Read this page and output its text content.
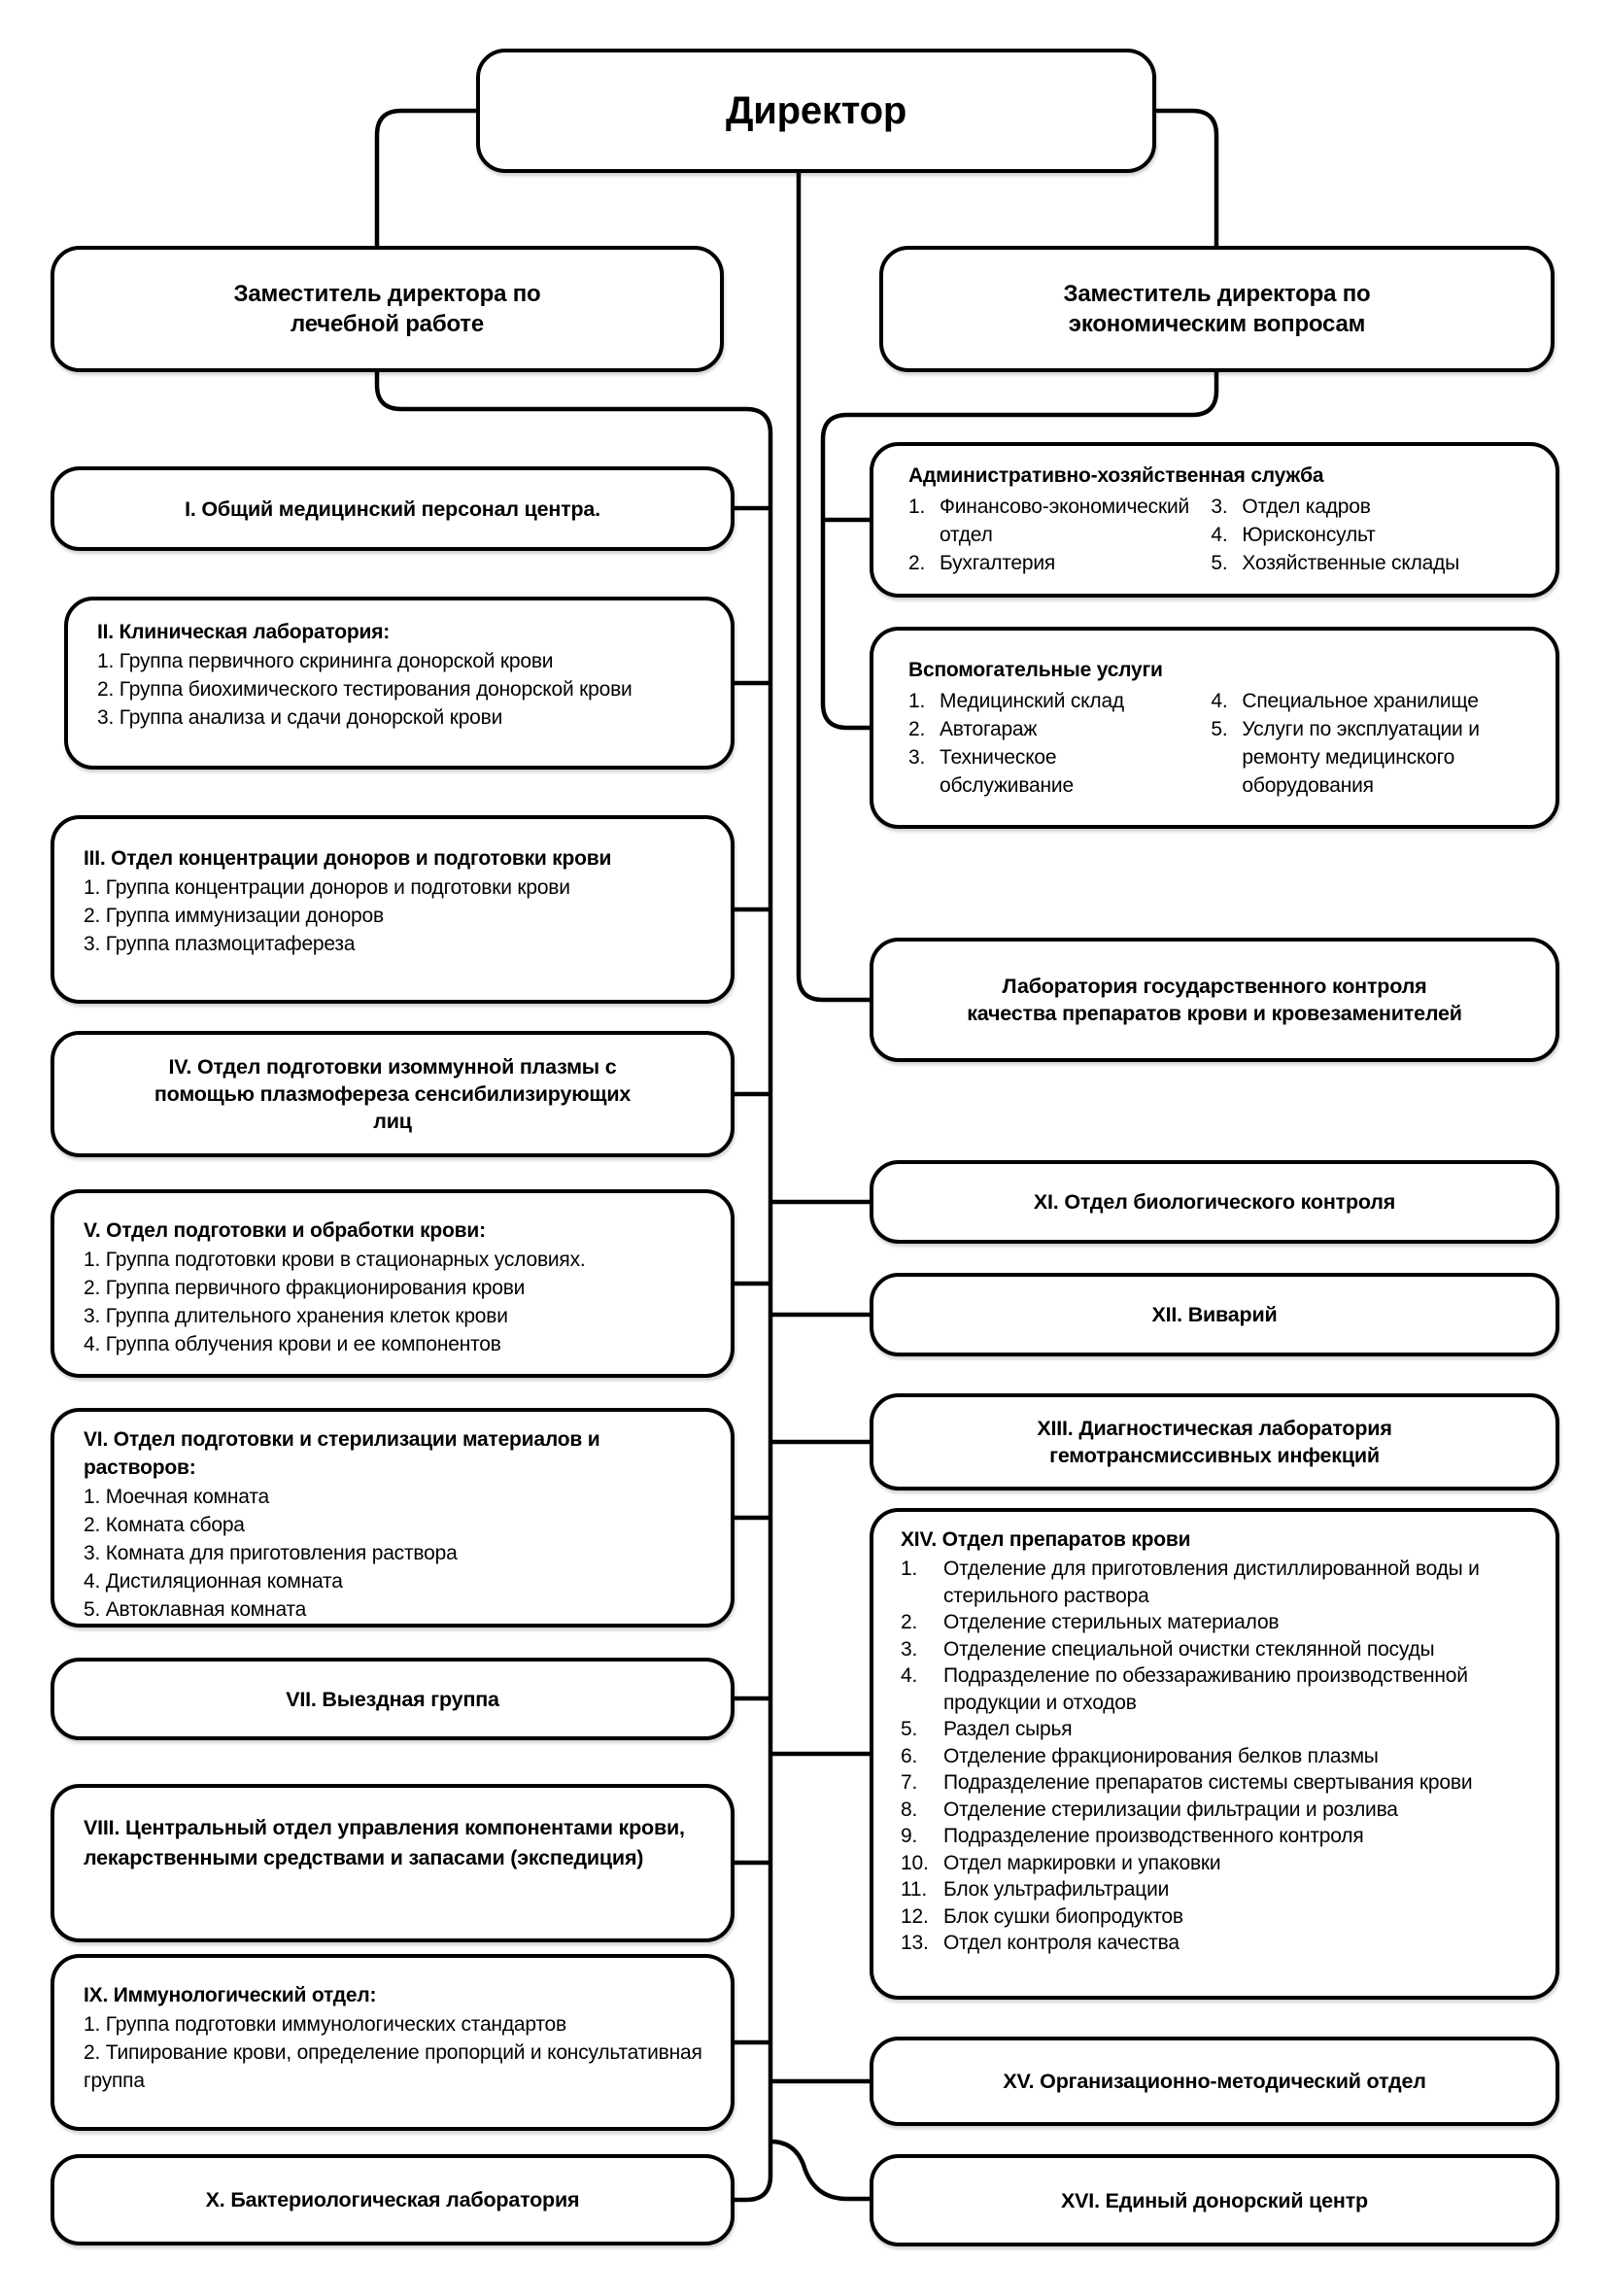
Директор
Заместитель директора по лечебной работе
Заместитель директора по экономическим вопросам
I. Общий медицинский персонал центра.
II. Клиническая лаборатория:
1. Группа первичного скрининга донорской крови
2. Группа биохимического тестирования донорской крови
3. Группа анализа и сдачи донорской крови
III. Отдел концентрации доноров и подготовки крови
1. Группа концентрации доноров и подготовки крови
2. Группа иммунизации доноров
3. Группа плазмоцитафереза
IV. Отдел подготовки изоммунной плазмы с помощью плазмофереза сенсибилизирующих лиц
V. Отдел подготовки и обработки крови:
1. Группа подготовки крови в стационарных условиях.
2. Группа первичного фракционирования крови
3. Группа длительного хранения клеток крови
4. Группа облучения крови и ее компонентов
VI. Отдел подготовки и стерилизации материалов и растворов:
1. Моечная комната
2. Комната сбора
3. Комната для приготовления раствора
4. Дистиляционная комната
5. Автоклавная комната
VII. Выездная группа
VIII. Центральный отдел управления компонентами крови, лекарственными средствами и запасами (экспедиция)
IX. Иммунологический отдел:
1. Группа подготовки иммунологических стандартов
2. Типирование крови, определение пропорций и консультативная группа
X. Бактериологическая лаборатория
Административно-хозяйственная служба
1. Финансово-экономический отдел
2. Бухгалтерия
3. Отдел кадров
4. Юрисконсульт
5. Хозяйственные склады
Вспомогательные услуги
1. Медицинский склад
2. Автогараж
3. Техническое обслуживание
4. Специальное хранилище
5. Услуги по эксплуатации и ремонту медицинского оборудования
Лаборатория государственного контроля качества препаратов крови и кровезаменителей
XI. Отдел биологического контроля
XII. Виварий
XIII. Диагностическая лаборатория гемотрансмиссивных инфекций
XIV. Отдел препаратов крови
1.	Отделение для приготовления дистиллированной воды и стерильного раствора
2.	Отделение стерильных материалов
3.	Отделение специальной очистки стеклянной посуды
4.	Подразделение по обеззараживанию производственной продукции и отходов
5.	Раздел сырья
6.	Отделение фракционирования белков плазмы
7.	Подразделение препаратов системы свертывания крови
8.	Отделение стерилизации фильтрации и розлива
9.	Подразделение производственного контроля
10. Отдел маркировки и упаковки
11. Блок ультрафильтрации
12. Блок сушки биопродуктов
13. Отдел контроля качества
XV. Организационно-методический отдел
XVI. Единый донорский центр
